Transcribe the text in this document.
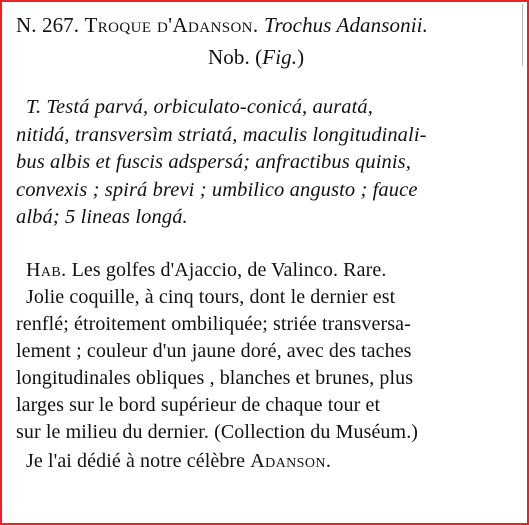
N. 267. Troque d'Adanson. Trochus Adansonii.
Nob. (Fig.)
T. Testá parvá, orbiculato-conicá, auratá,
nitidá, transversìm striatá, maculis longitudinali-
bus albis et fuscis adspersá; anfractibus quinis,
convexis ; spirá brevi ; umbilico angusto ; fauce
albá; 5 lineas longá.
Hab. Les golfes d'Ajaccio, de Valinco. Rare.
Jolie coquille, à cinq tours, dont le dernier est
renflé; étroitement ombiliquée; striée transversa-
lement ; couleur d'un jaune doré, avec des taches
longitudinales obliques , blanches et brunes, plus
larges sur le bord supérieur de chaque tour et
sur le milieu du dernier. (Collection du Muséum.)
Je l'ai dédié à notre célèbre Adanson.
